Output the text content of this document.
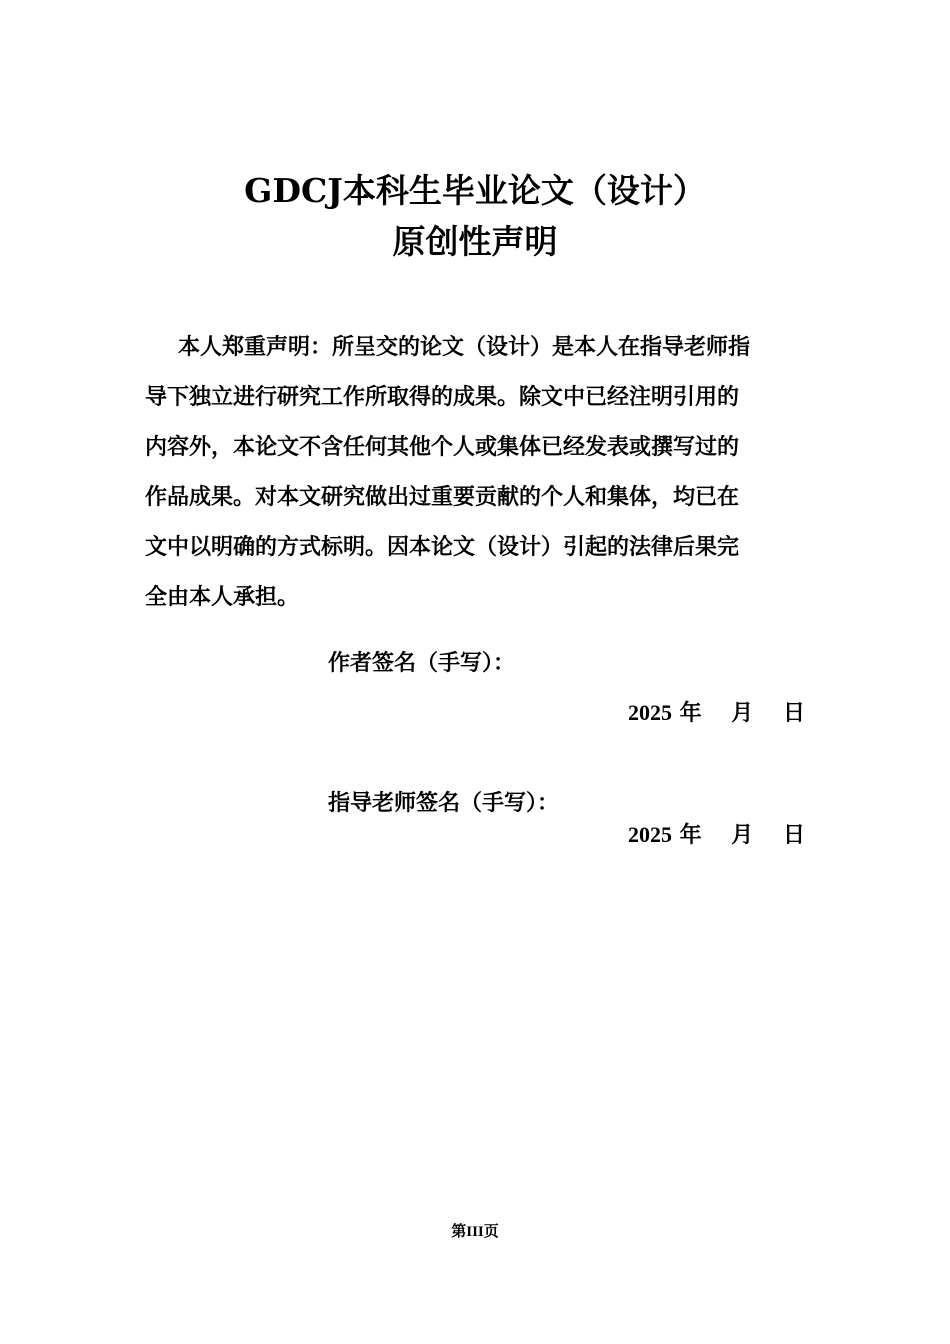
GDCJ本科生毕业论文（设计）
原创性声明

本人郑重声明：所呈交的论文（设计）是本人在指导老师指
导下独立进行研究工作所取得的成果。除文中已经注明引用的
内容外，本论文不含任何其他个人或集体已经发表或撰写过的
作品成果。对本文研究做出过重要贡献的个人和集体，均已在
文中以明确的方式标明。因本论文（设计）引起的法律后果完
全由本人承担。

作者签名（手写）：
2025 年 月 日
指导老师签名（手写）：
2025 年 月 日
第III页
